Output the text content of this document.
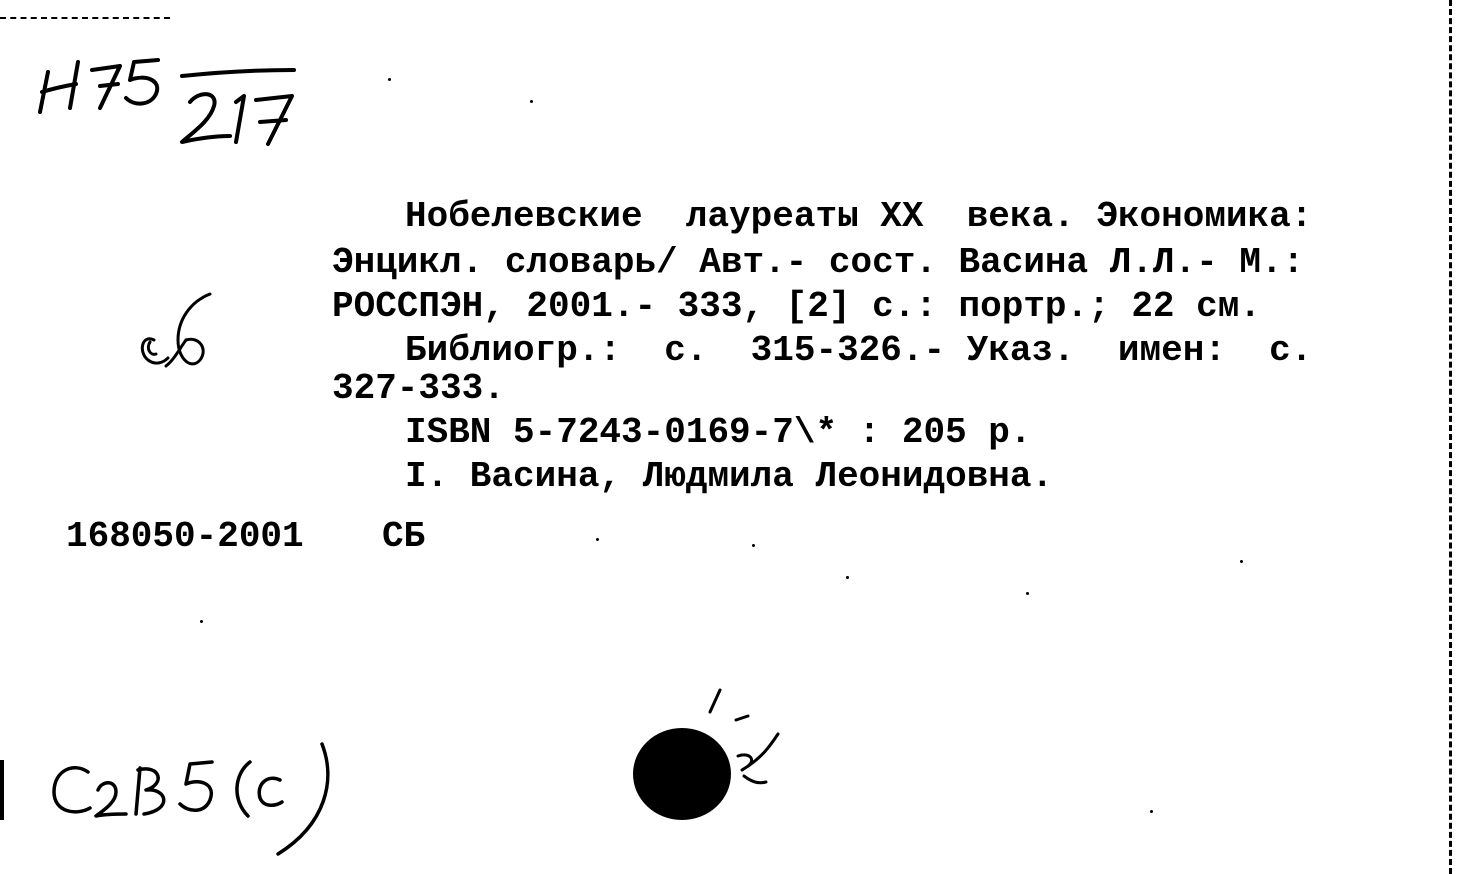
Нобелевские  лауреаты XX  века. Экономика:
Энцикл. словарь/ Авт.- сост. Васина Л.Л.- М.:
РОССПЭН, 2001.- 333, [2] с.: портр.; 22 см.
Библиогр.:  с.  315-326.- Указ.  имен:  с.
327-333.
ISBN 5-7243-0169-7\* : 205 р.
I. Васина, Людмила Леонидовна.
168050-2001 СБ
